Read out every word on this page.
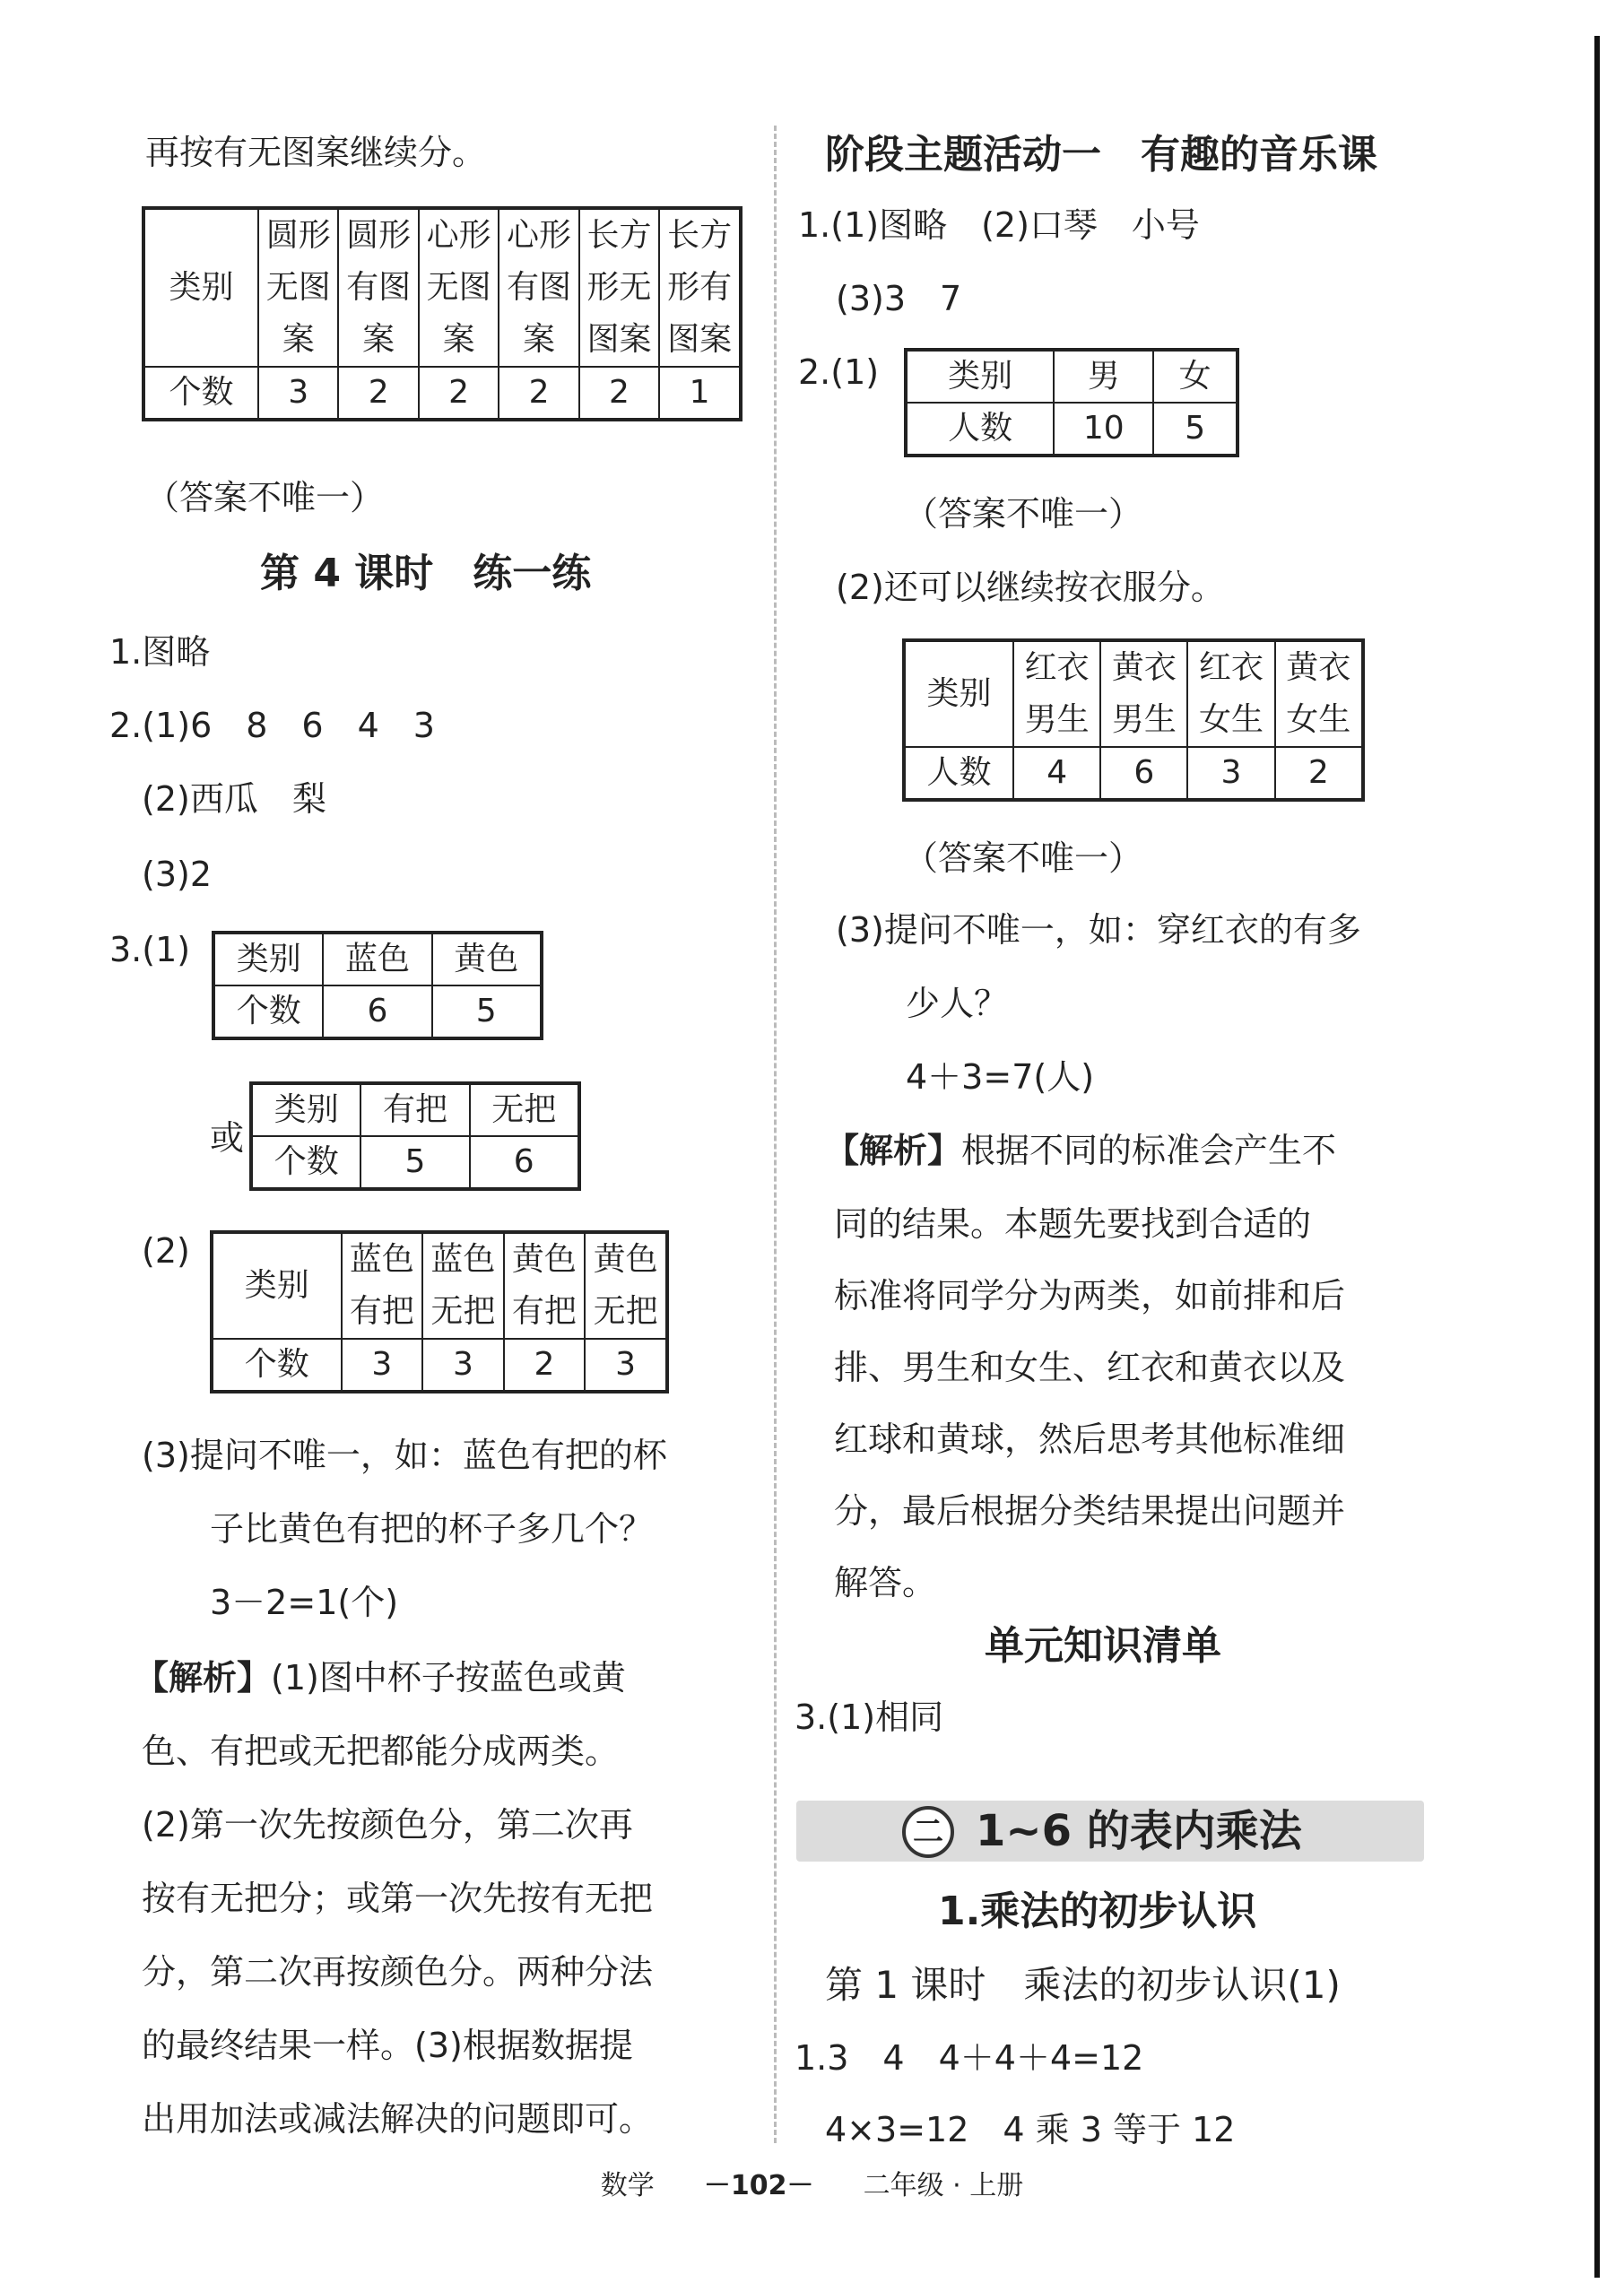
再按有无图案继续分。
类别	圆形无图案	圆形有图案	心形无图案	心形有图案	长方形无图案	长方形有图案
个数	3	2	2	2	2	1
（答案不唯一）
第 4 课时　练一练
1.图略
2.(1)6　8　6　4　3
(2)西瓜　梨
(3)2
3.(1) 类别	蓝色	黄色
个数	6	5
或
类别	有把	无把
个数	5	6
(2)
类别	蓝色有把	蓝色无把	黄色有把	黄色无把
个数	3	3	2	3
(3)提问不唯一，如：蓝色有把的杯
子比黄色有把的杯子多几个？
3－2=1(个)
【解析】(1)图中杯子按蓝色或黄
色、有把或无把都能分成两类。
(2)第一次先按颜色分，第二次再
按有无把分；或第一次先按有无把
分，第二次再按颜色分。两种分法
的最终结果一样。(3)根据数据提
出用加法或减法解决的问题即可。
阶段主题活动一　有趣的音乐课
1.(1)图略　(2)口琴　小号
(3)3　7
2.(1) 类别	男	女
人数	10	5
（答案不唯一）
(2)还可以继续按衣服分。
类别	红衣男生	黄衣男生	红衣女生	黄衣女生
人数	4	6	3	2
（答案不唯一）
(3)提问不唯一，如：穿红衣的有多
少人？
4＋3=7(人)
【解析】根据不同的标准会产生不
同的结果。本题先要找到合适的
标准将同学分为两类，如前排和后
排、男生和女生、红衣和黄衣以及
红球和黄球，然后思考其他标准细
分，最后根据分类结果提出问题并
解答。
单元知识清单
3.(1)相同
1.乘法的初步认识
第 1 课时　乘法的初步认识(1)
1.3　4　4＋4＋4=12
4×3=12　4 乘 3 等于 12
二 1~6 的表内乘法
数学 －102－ 二年级 · 上册
